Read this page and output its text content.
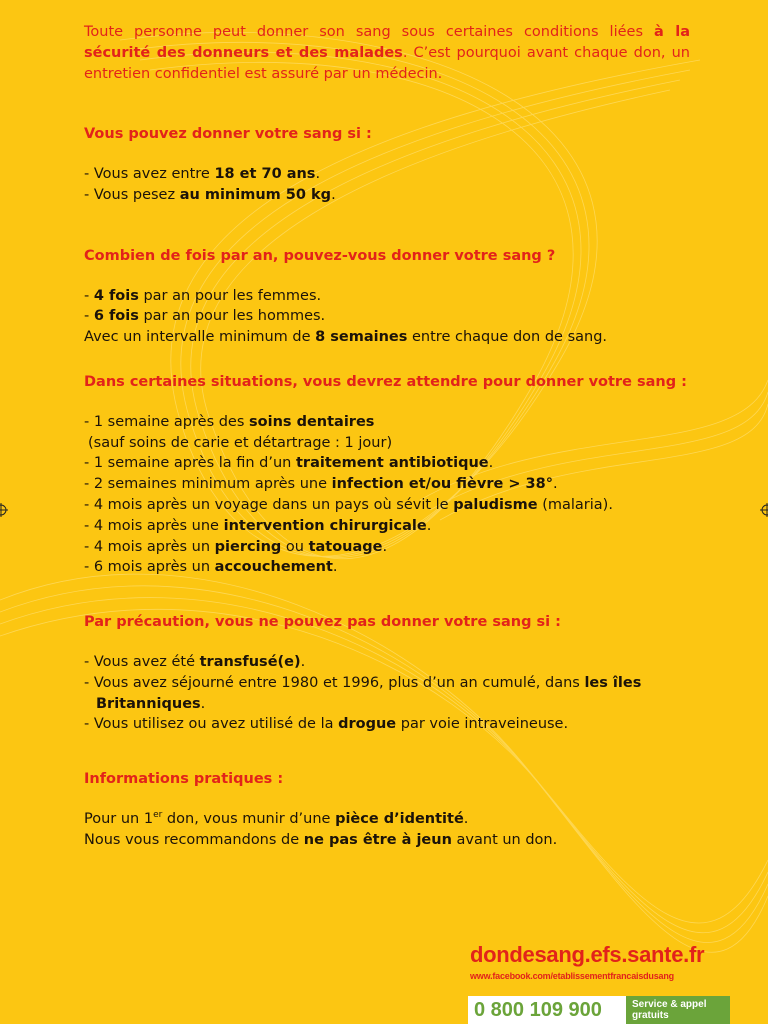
Toute personne peut donner son sang sous certaines conditions liées à la sécurité des donneurs et des malades. C’est pourquoi avant chaque don, un entretien confidentiel est assuré par un médecin.

Vous pouvez donner votre sang si :
- Vous avez entre 18 et 70 ans.
- Vous pesez au minimum 50 kg.
Combien de fois par an, pouvez-vous donner votre sang ?
- 4 fois par an pour les femmes.
- 6 fois par an pour les hommes.
Avec un intervalle minimum de 8 semaines entre chaque don de sang.
Dans certaines situations, vous devrez attendre pour donner votre sang :
- 1 semaine après des soins dentaires
(sauf soins de carie et détartrage : 1 jour)
- 1 semaine après la fin d’un traitement antibiotique.
- 2 semaines minimum après une infection et/ou fièvre > 38°.
- 4 mois après un voyage dans un pays où sévit le paludisme (malaria).
- 4 mois après une intervention chirurgicale.
- 4 mois après un piercing ou tatouage.
- 6 mois après un accouchement.
Par précaution, vous ne pouvez pas donner votre sang si :
- Vous avez été transfusé(e).
- Vous avez séjourné entre 1980 et 1996, plus d’un an cumulé, dans les îles
Britanniques.
- Vous utilisez ou avez utilisé de la drogue par voie intraveineuse.
Informations pratiques :

Pour un 1er don, vous munir d’une pièce d’identité.

Nous vous recommandons de ne pas être à jeun avant un don.

dondesang.efs.sante.fr
www.facebook.com/etablissementfrancaisdusang
0 800 109 900	Service & appel
gratuits
